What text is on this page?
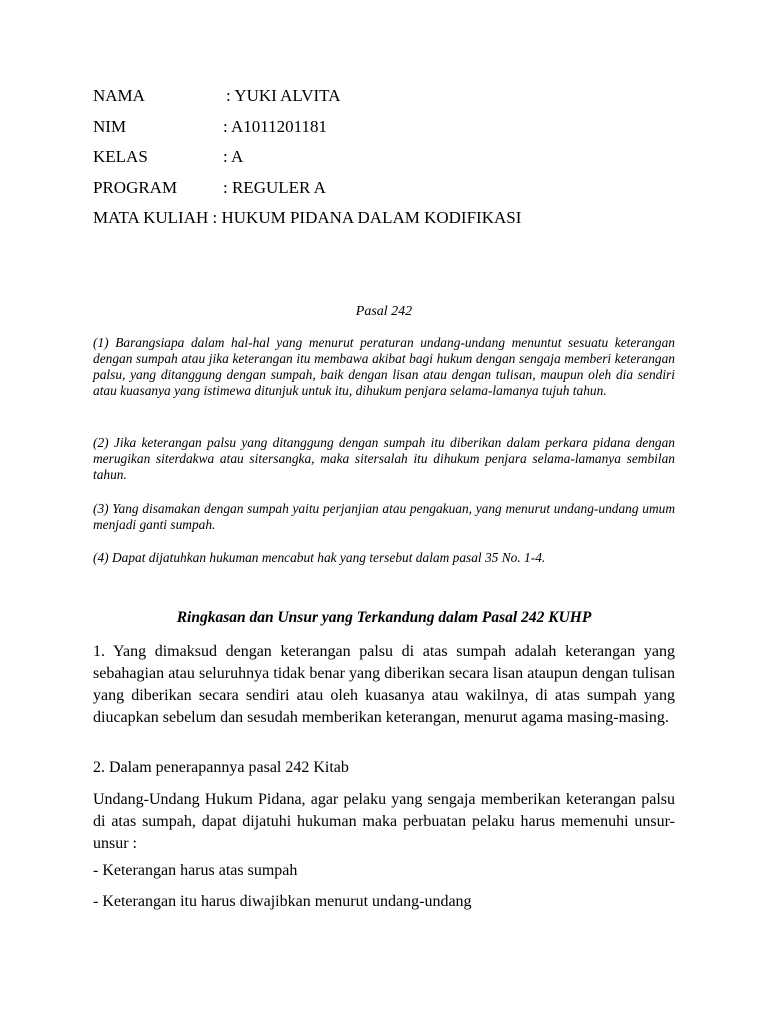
NAMA	: YUKI ALVITA
NIM	: A1011201181
KELAS	: A
PROGRAM	: REGULER A
MATA KULIAH : HUKUM PIDANA DALAM KODIFIKASI
Pasal 242

(1) Barangsiapa dalam hal-hal yang menurut peraturan undang-undang menuntut sesuatu keterangan dengan sumpah atau jika keterangan itu membawa akibat bagi hukum dengan sengaja memberi keterangan palsu, yang ditanggung dengan sumpah, baik dengan lisan atau dengan tulisan, maupun oleh dia sendiri atau kuasanya yang istimewa ditunjuk untuk itu, dihukum penjara selama-lamanya tujuh tahun.

(2) Jika keterangan palsu yang ditanggung dengan sumpah itu diberikan dalam perkara pidana dengan merugikan siterdakwa atau sitersangka, maka sitersalah itu dihukum penjara selama-lamanya sembilan tahun.

(3) Yang disamakan dengan sumpah yaitu perjanjian atau pengakuan, yang menurut undang-undang umum menjadi ganti sumpah.

(4) Dapat dijatuhkan hukuman mencabut hak yang tersebut dalam pasal 35 No. 1-4.

Ringkasan dan Unsur yang Terkandung dalam Pasal 242 KUHP

1. Yang dimaksud dengan keterangan palsu di atas sumpah adalah keterangan yang sebahagian atau seluruhnya tidak benar yang diberikan secara lisan ataupun dengan tulisan yang diberikan secara sendiri atau oleh kuasanya atau wakilnya, di atas sumpah yang diucapkan sebelum dan sesudah memberikan keterangan, menurut agama masing-masing.

2. Dalam penerapannya pasal 242 Kitab

Undang-Undang Hukum Pidana, agar pelaku yang sengaja memberikan keterangan palsu di atas sumpah, dapat dijatuhi hukuman maka perbuatan pelaku harus memenuhi unsur-unsur :

- Keterangan harus atas sumpah

- Keterangan itu harus diwajibkan menurut undang-undang
